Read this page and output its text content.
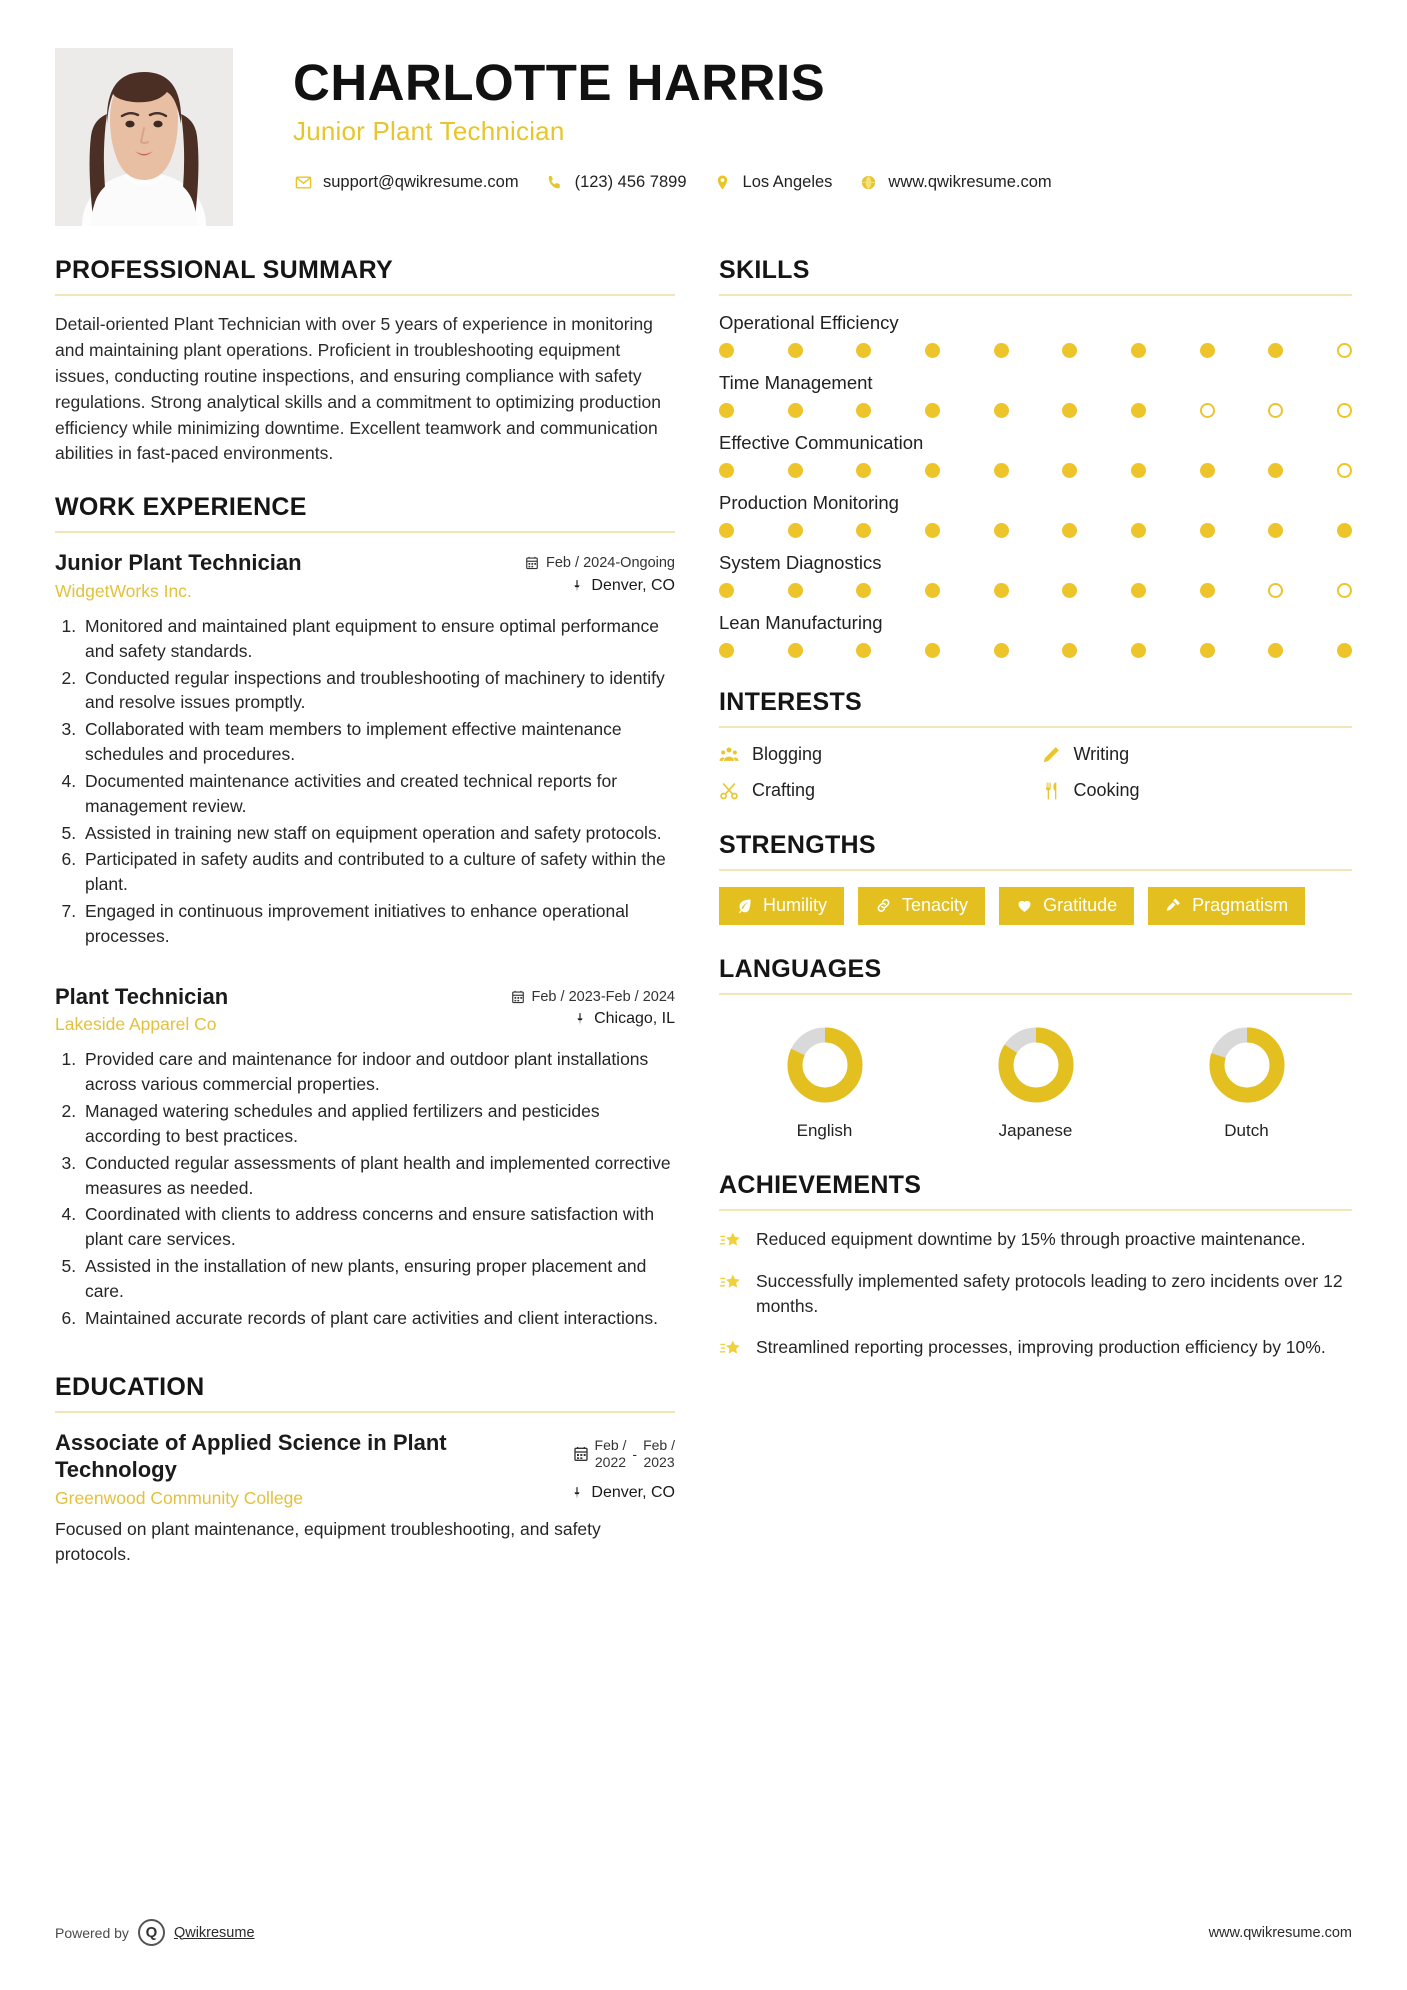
CHARLOTTE HARRIS
Junior Plant Technician
support@qwikresume.com	(123) 456 7899	Los Angeles	www.qwikresume.com
PROFESSIONAL SUMMARY
Detail-oriented Plant Technician with over 5 years of experience in monitoring and maintaining plant operations. Proficient in troubleshooting equipment issues, conducting routine inspections, and ensuring compliance with safety regulations. Strong analytical skills and a commitment to optimizing production efficiency while minimizing downtime. Excellent teamwork and communication abilities in fast-paced environments.
WORK EXPERIENCE
Junior Plant Technician	Feb / 2024-Ongoing
WidgetWorks Inc.	Denver, CO
1. Monitored and maintained plant equipment to ensure optimal performance and safety standards.
2. Conducted regular inspections and troubleshooting of machinery to identify and resolve issues promptly.
3. Collaborated with team members to implement effective maintenance schedules and procedures.
4. Documented maintenance activities and created technical reports for management review.
5. Assisted in training new staff on equipment operation and safety protocols.
6. Participated in safety audits and contributed to a culture of safety within the plant.
7. Engaged in continuous improvement initiatives to enhance operational processes.
Plant Technician	Feb / 2023-Feb / 2024
Lakeside Apparel Co	Chicago, IL
1. Provided care and maintenance for indoor and outdoor plant installations across various commercial properties.
2. Managed watering schedules and applied fertilizers and pesticides according to best practices.
3. Conducted regular assessments of plant health and implemented corrective measures as needed.
4. Coordinated with clients to address concerns and ensure satisfaction with plant care services.
5. Assisted in the installation of new plants, ensuring proper placement and care.
6. Maintained accurate records of plant care activities and client interactions.
EDUCATION
Associate of Applied Science in Plant Technology
Feb /
2022 -
Feb /
2023
Greenwood Community College	Denver, CO
Focused on plant maintenance, equipment troubleshooting, and safety protocols.
SKILLS
Operational Efficiency
Time Management
Effective Communication
Production Monitoring
System Diagnostics
Lean Manufacturing
INTERESTS
Blogging	Writing
Crafting	Cooking
STRENGTHS
Humility	Tenacity	Gratitude	Pragmatism
LANGUAGES
English	Japanese	Dutch
ACHIEVEMENTS
Reduced equipment downtime by 15% through proactive maintenance.
Successfully implemented safety protocols leading to zero incidents over 12 months.
Streamlined reporting processes, improving production efficiency by 10%.
Powered by	Q	Qwikresume	www.qwikresume.com
